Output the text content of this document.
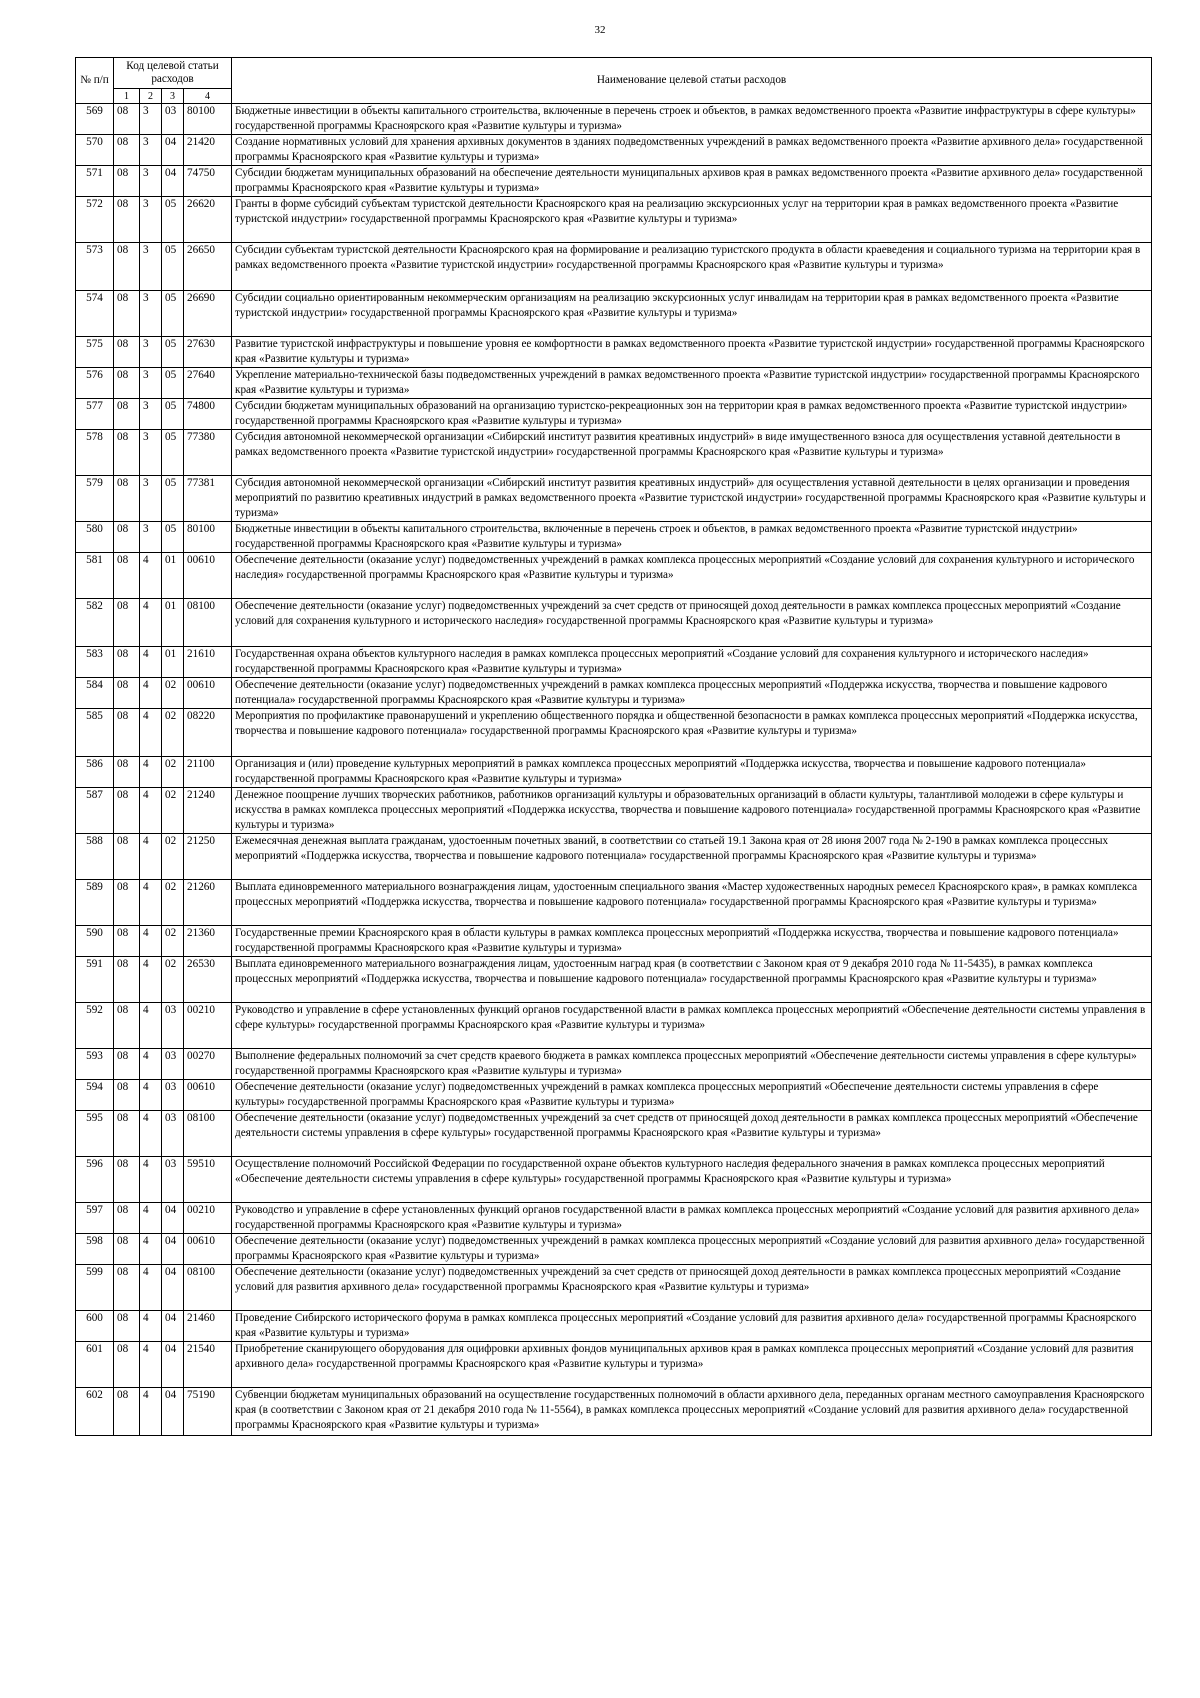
32
№ п/п	Код целевой статьи расходов				Наименование целевой статьи расходов
	1	2	3	4	
569	08	3	03	80100	Бюджетные инвестиции в объекты капитального строительства, включенные в перечень строек и объектов, в рамках ведомственного проекта «Развитие инфраструктуры в сфере культуры» государственной программы Красноярского края «Развитие культуры и туризма»
570	08	3	04	21420	Создание нормативных условий для хранения архивных документов в зданиях подведомственных учреждений в рамках ведомственного проекта «Развитие архивного дела» государственной программы Красноярского края «Развитие культуры и туризма»
571	08	3	04	74750	Субсидии бюджетам муниципальных образований на обеспечение деятельности муниципальных архивов края в рамках ведомственного проекта «Развитие архивного дела» государственной программы Красноярского края «Развитие культуры и туризма»
572	08	3	05	26620	Гранты в форме субсидий субъектам туристской деятельности Красноярского края на реализацию экскурсионных услуг на территории края в рамках ведомственного проекта «Развитие туристской индустрии» государственной программы Красноярского края «Развитие культуры и туризма»
573	08	3	05	26650	Субсидии субъектам туристской деятельности Красноярского края на формирование и реализацию туристского продукта в области краеведения и социального туризма на территории края в рамках ведомственного проекта «Развитие туристской индустрии» государственной программы Красноярского края «Развитие культуры и туризма»
574	08	3	05	26690	Субсидии социально ориентированным некоммерческим организациям на реализацию экскурсионных услуг инвалидам на территории края в рамках ведомственного проекта «Развитие туристской индустрии» государственной программы Красноярского края «Развитие культуры и туризма»
575	08	3	05	27630	Развитие туристской инфраструктуры и повышение уровня ее комфортности в рамках ведомственного проекта «Развитие туристской индустрии» государственной программы Красноярского края «Развитие культуры и туризма»
576	08	3	05	27640	Укрепление материально-технической базы подведомственных учреждений в рамках ведомственного проекта «Развитие туристской индустрии» государственной программы Красноярского края «Развитие культуры и туризма»
577	08	3	05	74800	Субсидии бюджетам муниципальных образований на организацию туристско-рекреационных зон на территории края в рамках ведомственного проекта «Развитие туристской индустрии» государственной программы Красноярского края «Развитие культуры и туризма»
578	08	3	05	77380	Субсидия автономной некоммерческой организации «Сибирский институт развития креативных индустрий» в виде имущественного взноса для осуществления уставной деятельности в рамках ведомственного проекта «Развитие туристской индустрии» государственной программы Красноярского края «Развитие культуры и туризма»
579	08	3	05	77381	Субсидия автономной некоммерческой организации «Сибирский институт развития креативных индустрий» для осуществления уставной деятельности в целях организации и проведения мероприятий по развитию креативных индустрий в рамках ведомственного проекта «Развитие туристской индустрии» государственной программы Красноярского края «Развитие культуры и туризма»
580	08	3	05	80100	Бюджетные инвестиции в объекты капитального строительства, включенные в перечень строек и объектов, в рамках ведомственного проекта «Развитие туристской индустрии» государственной программы Красноярского края «Развитие культуры и туризма»
581	08	4	01	00610	Обеспечение деятельности (оказание услуг) подведомственных учреждений в рамках комплекса процессных мероприятий «Создание условий для сохранения культурного и исторического наследия» государственной программы Красноярского края «Развитие культуры и туризма»
582	08	4	01	08100	Обеспечение деятельности (оказание услуг) подведомственных учреждений за счет средств от приносящей доход деятельности в рамках комплекса процессных мероприятий «Создание условий для сохранения культурного и исторического наследия» государственной программы Красноярского края «Развитие культуры и туризма»
583	08	4	01	21610	Государственная охрана объектов культурного наследия в рамках комплекса процессных мероприятий «Создание условий для сохранения культурного и исторического наследия» государственной программы Красноярского края «Развитие культуры и туризма»
584	08	4	02	00610	Обеспечение деятельности (оказание услуг) подведомственных учреждений в рамках комплекса процессных мероприятий «Поддержка искусства, творчества и повышение кадрового потенциала» государственной программы Красноярского края «Развитие культуры и туризма»
585	08	4	02	08220	Мероприятия по профилактике правонарушений и укреплению общественного порядка и общественной безопасности в рамках комплекса процессных мероприятий «Поддержка искусства, творчества и повышение кадрового потенциала» государственной программы Красноярского края «Развитие культуры и туризма»
586	08	4	02	21100	Организация и (или) проведение культурных мероприятий в рамках комплекса процессных мероприятий «Поддержка искусства, творчества и повышение кадрового потенциала» государственной программы Красноярского края «Развитие культуры и туризма»
587	08	4	02	21240	Денежное поощрение лучших творческих работников, работников организаций культуры и образовательных организаций в области культуры, талантливой молодежи в сфере культуры и искусства в рамках комплекса процессных мероприятий «Поддержка искусства, творчества и повышение кадрового потенциала» государственной программы Красноярского края «Развитие культуры и туризма»
588	08	4	02	21250	Ежемесячная денежная выплата гражданам, удостоенным почетных званий, в соответствии со статьей 19.1 Закона края от 28 июня 2007 года № 2-190 в рамках комплекса процессных мероприятий «Поддержка искусства, творчества и повышение кадрового потенциала» государственной программы Красноярского края «Развитие культуры и туризма»
589	08	4	02	21260	Выплата единовременного материального вознаграждения лицам, удостоенным специального звания «Мастер художественных народных ремесел Красноярского края», в рамках комплекса процессных мероприятий «Поддержка искусства, творчества и повышение кадрового потенциала» государственной программы Красноярского края «Развитие культуры и туризма»
590	08	4	02	21360	Государственные премии Красноярского края в области культуры в рамках комплекса процессных мероприятий «Поддержка искусства, творчества и повышение кадрового потенциала» государственной программы Красноярского края «Развитие культуры и туризма»
591	08	4	02	26530	Выплата единовременного материального вознаграждения лицам, удостоенным наград края (в соответствии с Законом края от 9 декабря 2010 года № 11-5435), в рамках комплекса процессных мероприятий «Поддержка искусства, творчества и повышение кадрового потенциала» государственной программы Красноярского края «Развитие культуры и туризма»
592	08	4	03	00210	Руководство и управление в сфере установленных функций органов государственной власти в рамках комплекса процессных мероприятий «Обеспечение деятельности системы управления в сфере культуры» государственной программы Красноярского края «Развитие культуры и туризма»
593	08	4	03	00270	Выполнение федеральных полномочий за счет средств краевого бюджета в рамках комплекса процессных мероприятий «Обеспечение деятельности системы управления в сфере культуры» государственной программы Красноярского края «Развитие культуры и туризма»
594	08	4	03	00610	Обеспечение деятельности (оказание услуг) подведомственных учреждений в рамках комплекса процессных мероприятий «Обеспечение деятельности системы управления в сфере культуры» государственной программы Красноярского края «Развитие культуры и туризма»
595	08	4	03	08100	Обеспечение деятельности (оказание услуг) подведомственных учреждений за счет средств от приносящей доход деятельности в рамках комплекса процессных мероприятий «Обеспечение деятельности системы управления в сфере культуры» государственной программы Красноярского края «Развитие культуры и туризма»
596	08	4	03	59510	Осуществление полномочий Российской Федерации по государственной охране объектов культурного наследия федерального значения в рамках комплекса процессных мероприятий «Обеспечение деятельности системы управления в сфере культуры» государственной программы Красноярского края «Развитие культуры и туризма»
597	08	4	04	00210	Руководство и управление в сфере установленных функций органов государственной власти в рамках комплекса процессных мероприятий «Создание условий для развития архивного дела» государственной программы Красноярского края «Развитие культуры и туризма»
598	08	4	04	00610	Обеспечение деятельности (оказание услуг) подведомственных учреждений в рамках комплекса процессных мероприятий «Создание условий для развития архивного дела» государственной программы Красноярского края «Развитие культуры и туризма»
599	08	4	04	08100	Обеспечение деятельности (оказание услуг) подведомственных учреждений за счет средств от приносящей доход деятельности в рамках комплекса процессных мероприятий «Создание условий для развития архивного дела» государственной программы Красноярского края «Развитие культуры и туризма»
600	08	4	04	21460	Проведение Сибирского исторического форума в рамках комплекса процессных мероприятий «Создание условий для развития архивного дела» государственной программы Красноярского края «Развитие культуры и туризма»
601	08	4	04	21540	Приобретение сканирующего оборудования для оцифровки архивных фондов муниципальных архивов края в рамках комплекса процессных мероприятий «Создание условий для развития архивного дела» государственной программы Красноярского края «Развитие культуры и туризма»
602	08	4	04	75190	Субвенции бюджетам муниципальных образований на осуществление государственных полномочий в области архивного дела, переданных органам местного самоуправления Красноярского края (в соответствии с Законом края от 21 декабря 2010 года № 11-5564), в рамках комплекса процессных мероприятий «Создание условий для развития архивного дела» государственной программы Красноярского края «Развитие культуры и туризма»
